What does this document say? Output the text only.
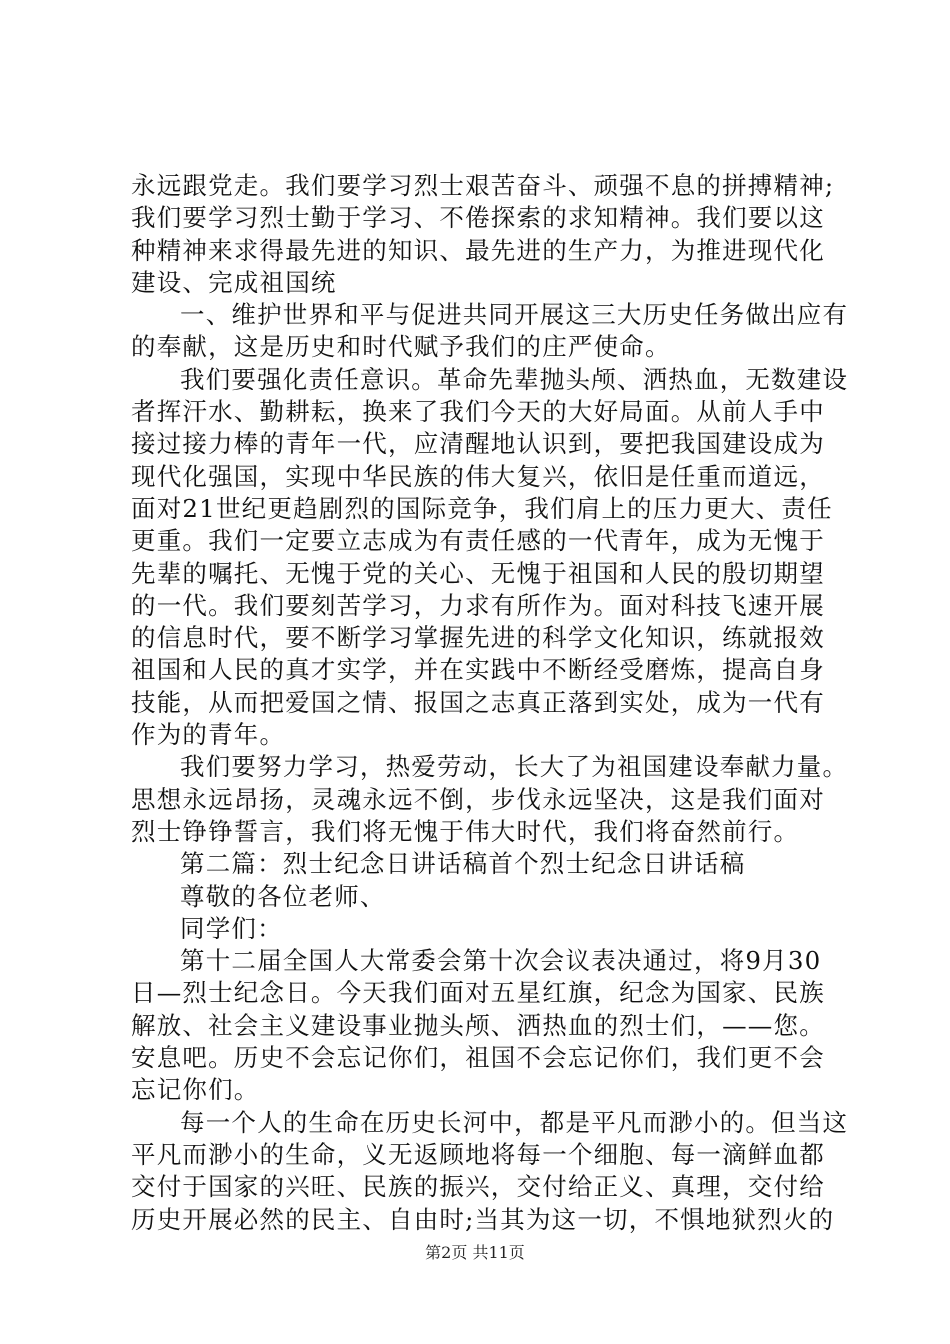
永远跟党走。我们要学习烈士艰苦奋斗、顽强不息的拼搏精神;
我们要学习烈士勤于学习、不倦探索的求知精神。我们要以这
种精神来求得最先进的知识、最先进的生产力，为推进现代化
建设、完成祖国统
一、维护世界和平与促进共同开展这三大历史任务做出应有
的奉献，这是历史和时代赋予我们的庄严使命。
我们要强化责任意识。革命先辈抛头颅、洒热血，无数建设
者挥汗水、勤耕耘，换来了我们今天的大好局面。从前人手中
接过接力棒的青年一代，应清醒地认识到，要把我国建设成为
现代化强国，实现中华民族的伟大复兴，依旧是任重而道远，
面对21世纪更趋剧烈的国际竞争，我们肩上的压力更大、责任
更重。我们一定要立志成为有责任感的一代青年，成为无愧于
先辈的嘱托、无愧于党的关心、无愧于祖国和人民的殷切期望
的一代。我们要刻苦学习，力求有所作为。面对科技飞速开展
的信息时代，要不断学习掌握先进的科学文化知识，练就报效
祖国和人民的真才实学，并在实践中不断经受磨炼，提高自身
技能，从而把爱国之情、报国之志真正落到实处，成为一代有
作为的青年。
我们要努力学习，热爱劳动，长大了为祖国建设奉献力量。
思想永远昂扬，灵魂永远不倒，步伐永远坚决，这是我们面对
烈士铮铮誓言，我们将无愧于伟大时代，我们将奋然前行。
第二篇：烈士纪念日讲话稿首个烈士纪念日讲话稿
尊敬的各位老师、
同学们：
第十二届全国人大常委会第十次会议表决通过，将9月30
日—烈士纪念日。今天我们面对五星红旗，纪念为国家、民族
解放、社会主义建设事业抛头颅、洒热血的烈士们，——您。
安息吧。历史不会忘记你们，祖国不会忘记你们，我们更不会
忘记你们。
每一个人的生命在历史长河中，都是平凡而渺小的。但当这
平凡而渺小的生命，义无返顾地将每一个细胞、每一滴鲜血都
交付于国家的兴旺、民族的振兴，交付给正义、真理，交付给
历史开展必然的民主、自由时;当其为这一切，不惧地狱烈火的
第2页 共11页
